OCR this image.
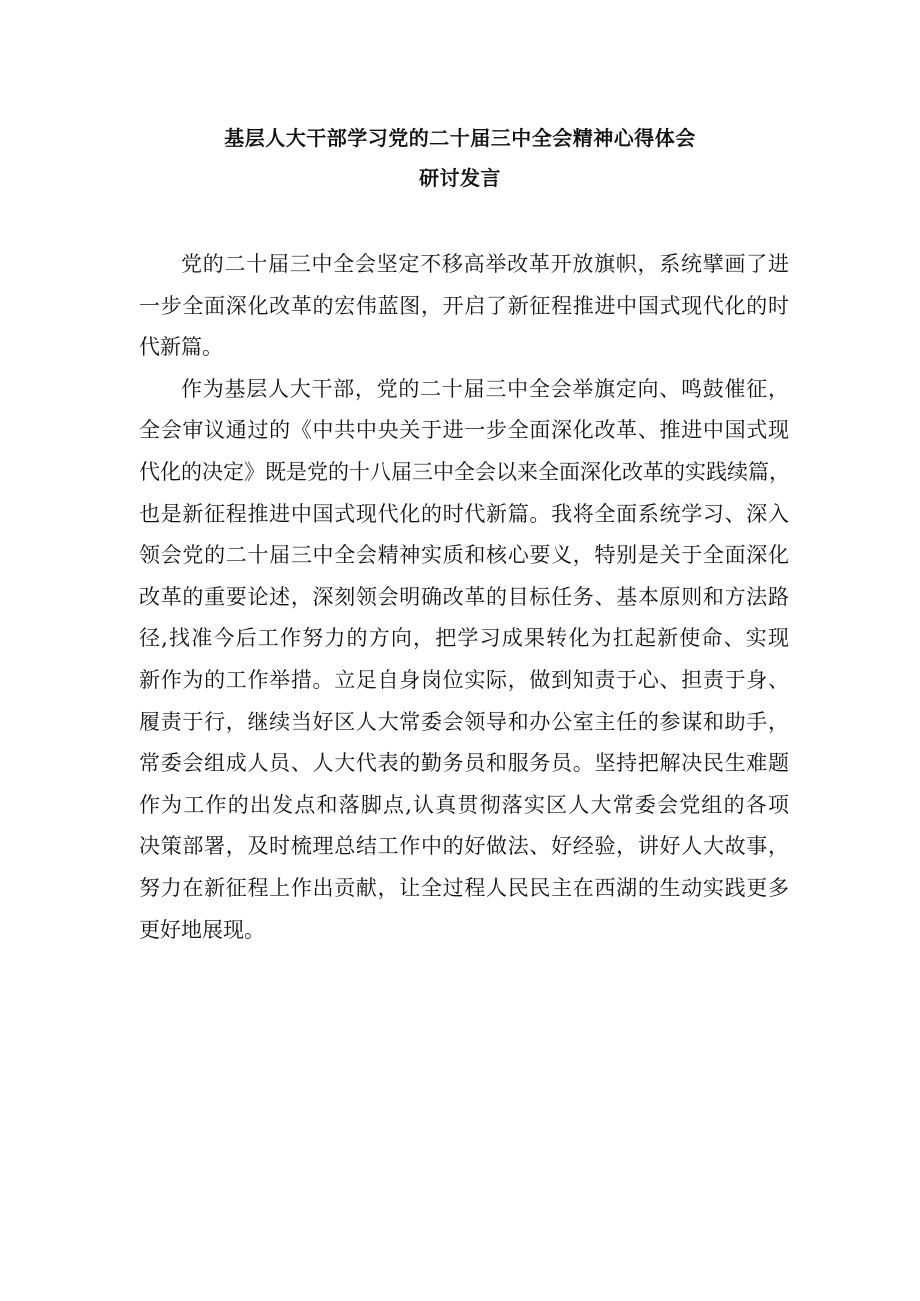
基层人大干部学习党的二十届三中全会精神心得体会
研讨发言
党的二十届三中全会坚定不移高举改革开放旗帜，系统擘画了进
一步全面深化改革的宏伟蓝图，开启了新征程推进中国式现代化的时
代新篇。
作为基层人大干部，党的二十届三中全会举旗定向、鸣鼓催征，
全会审议通过的《中共中央关于进一步全面深化改革、推进中国式现
代化的决定》既是党的十八届三中全会以来全面深化改革的实践续篇，
也是新征程推进中国式现代化的时代新篇。我将全面系统学习、深入
领会党的二十届三中全会精神实质和核心要义，特别是关于全面深化
改革的重要论述，深刻领会明确改革的目标任务、基本原则和方法路
径,找准今后工作努力的方向，把学习成果转化为扛起新使命、实现
新作为的工作举措。立足自身岗位实际，做到知责于心、担责于身、
履责于行，继续当好区人大常委会领导和办公室主任的参谋和助手，
常委会组成人员、人大代表的勤务员和服务员。坚持把解决民生难题
作为工作的出发点和落脚点,认真贯彻落实区人大常委会党组的各项
决策部署，及时梳理总结工作中的好做法、好经验，讲好人大故事，
努力在新征程上作出贡献，让全过程人民民主在西湖的生动实践更多
更好地展现。
